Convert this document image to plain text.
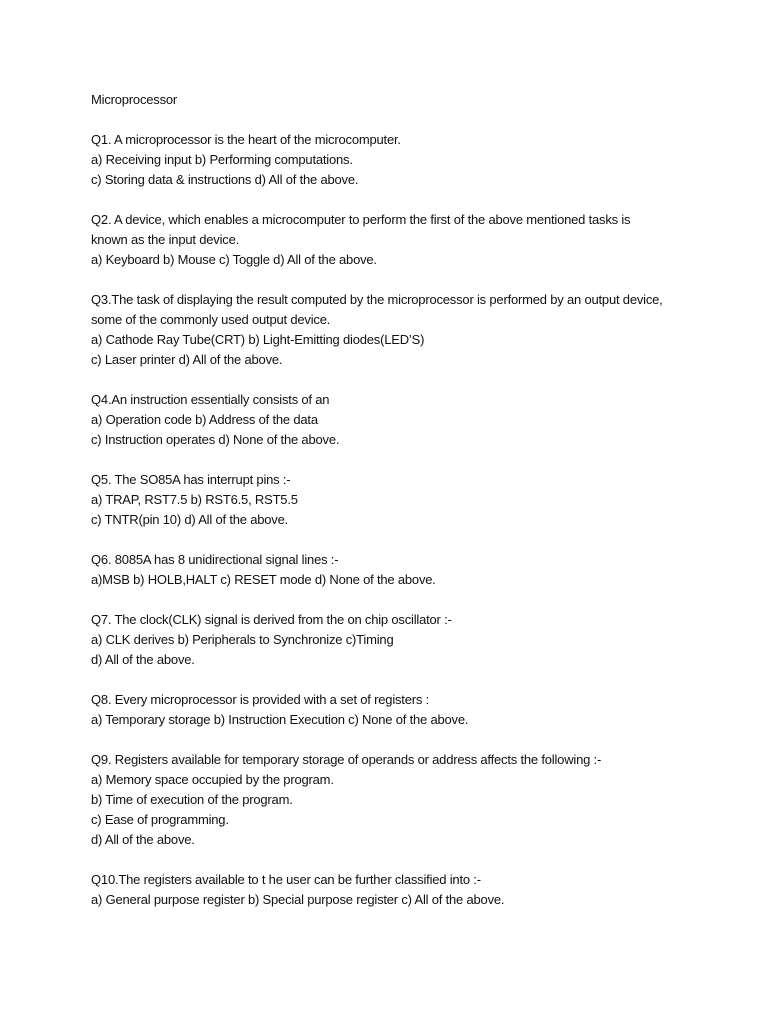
Microprocessor
Q1. A microprocessor is the heart of the microcomputer.
a) Receiving input b) Performing computations.
c) Storing data & instructions d) All of the above.
Q2. A device, which enables a microcomputer to perform the first of the above mentioned tasks is
known as the input device.
a) Keyboard b) Mouse c) Toggle d) All of the above.
Q3.The task of displaying the result computed by the microprocessor is performed by an output device,
some of the commonly used output device.
a) Cathode Ray Tube(CRT) b) Light-Emitting diodes(LED’S)
c) Laser printer d) All of the above.
Q4.An instruction essentially consists of an
a) Operation code b) Address of the data
c) Instruction operates d) None of the above.
Q5. The SO85A has interrupt pins :-
a) TRAP, RST7.5 b) RST6.5, RST5.5
c) TNTR(pin 10) d) All of the above.
Q6. 8085A has 8 unidirectional signal lines :-
a)MSB b) HOLB,HALT c) RESET mode d) None of the above.
Q7. The clock(CLK) signal is derived from the on chip oscillator :-
a) CLK derives b) Peripherals to Synchronize c)Timing
d) All of the above.
Q8. Every microprocessor is provided with a set of registers :
a) Temporary storage b) Instruction Execution c) None of the above.
Q9. Registers available for temporary storage of operands or address affects the following :-
a) Memory space occupied by the program.
b) Time of execution of the program.
c) Ease of programming.
d) All of the above.
Q10.The registers available to t he user can be further classified into :-
a) General purpose register b) Special purpose register c) All of the above.
